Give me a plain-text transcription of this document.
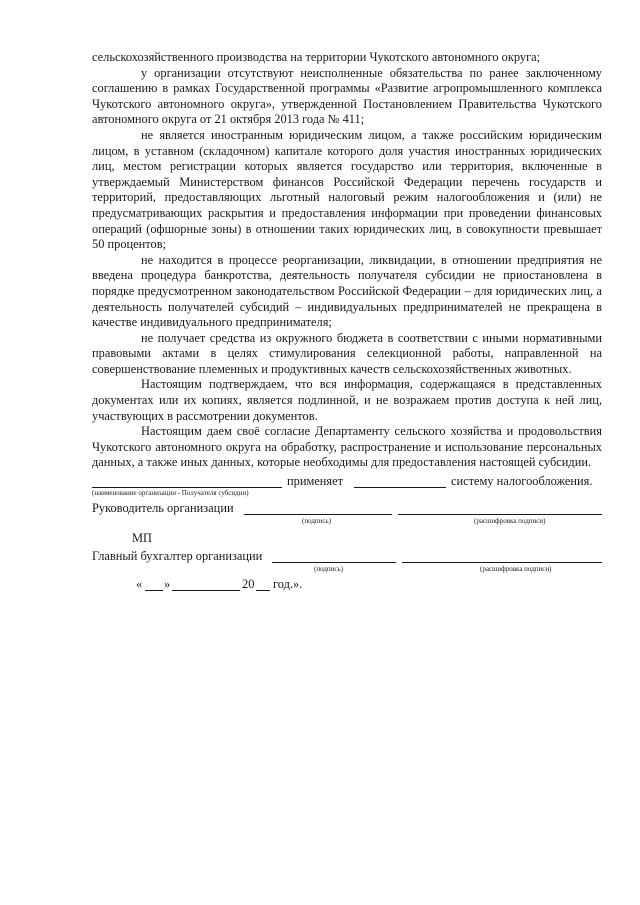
сельскохозяйственного производства на территории Чукотского автономного округа;

у организации отсутствуют неисполненные обязательства по ранее заключенному соглашению в рамках Государственной программы «Развитие агропромышленного комплекса Чукотского автономного округа», утвержденной Постановлением Правительства Чукотского автономного округа от 21 октября 2013 года № 411;

не является иностранным юридическим лицом, а также российским юридическим лицом, в уставном (складочном) капитале которого доля участия иностранных юридических лиц, местом регистрации которых является государство или территория, включенные в утверждаемый Министерством финансов Российской Федерации перечень государств и территорий, предоставляющих льготный налоговый режим налогообложения и (или) не предусматривающих раскрытия и предоставления информации при проведении финансовых операций (офшорные зоны) в отношении таких юридических лиц, в совокупности превышает 50 процентов;

не находится в процессе реорганизации, ликвидации, в отношении предприятия не введена процедура банкротства, деятельность получателя субсидии не приостановлена в порядке предусмотренном законодательством Российской Федерации – для юридических лиц, а деятельность получателей субсидий – индивидуальных предпринимателей не прекращена в качестве индивидуального предпринимателя;

не получает средства из окружного бюджета в соответствии с иными нормативными правовыми актами в целях стимулирования селекционной работы, направленной на совершенствование племенных и продуктивных качеств сельскохозяйственных животных.

Настоящим подтверждаем, что вся информация, содержащаяся в представленных документах или их копиях, является подлинной, и не возражаем против доступа к ней лиц, участвующих в рассмотрении документов.

Настоящим даем своё согласие Департаменту сельского хозяйства и продовольствия Чукотского автономного округа на обработку, распространение и использование персональных данных, а также иных данных, которые необходимы для предоставления настоящей субсидии.

применяет	систему налогообложения.
(наименование организации - Получателя субсидии)
Руководитель организации
(подпись)	(расшифровка подписи)
МП
Главный бухгалтер организации
(подпись)	(расшифровка подписи)
« »	20 год.».
